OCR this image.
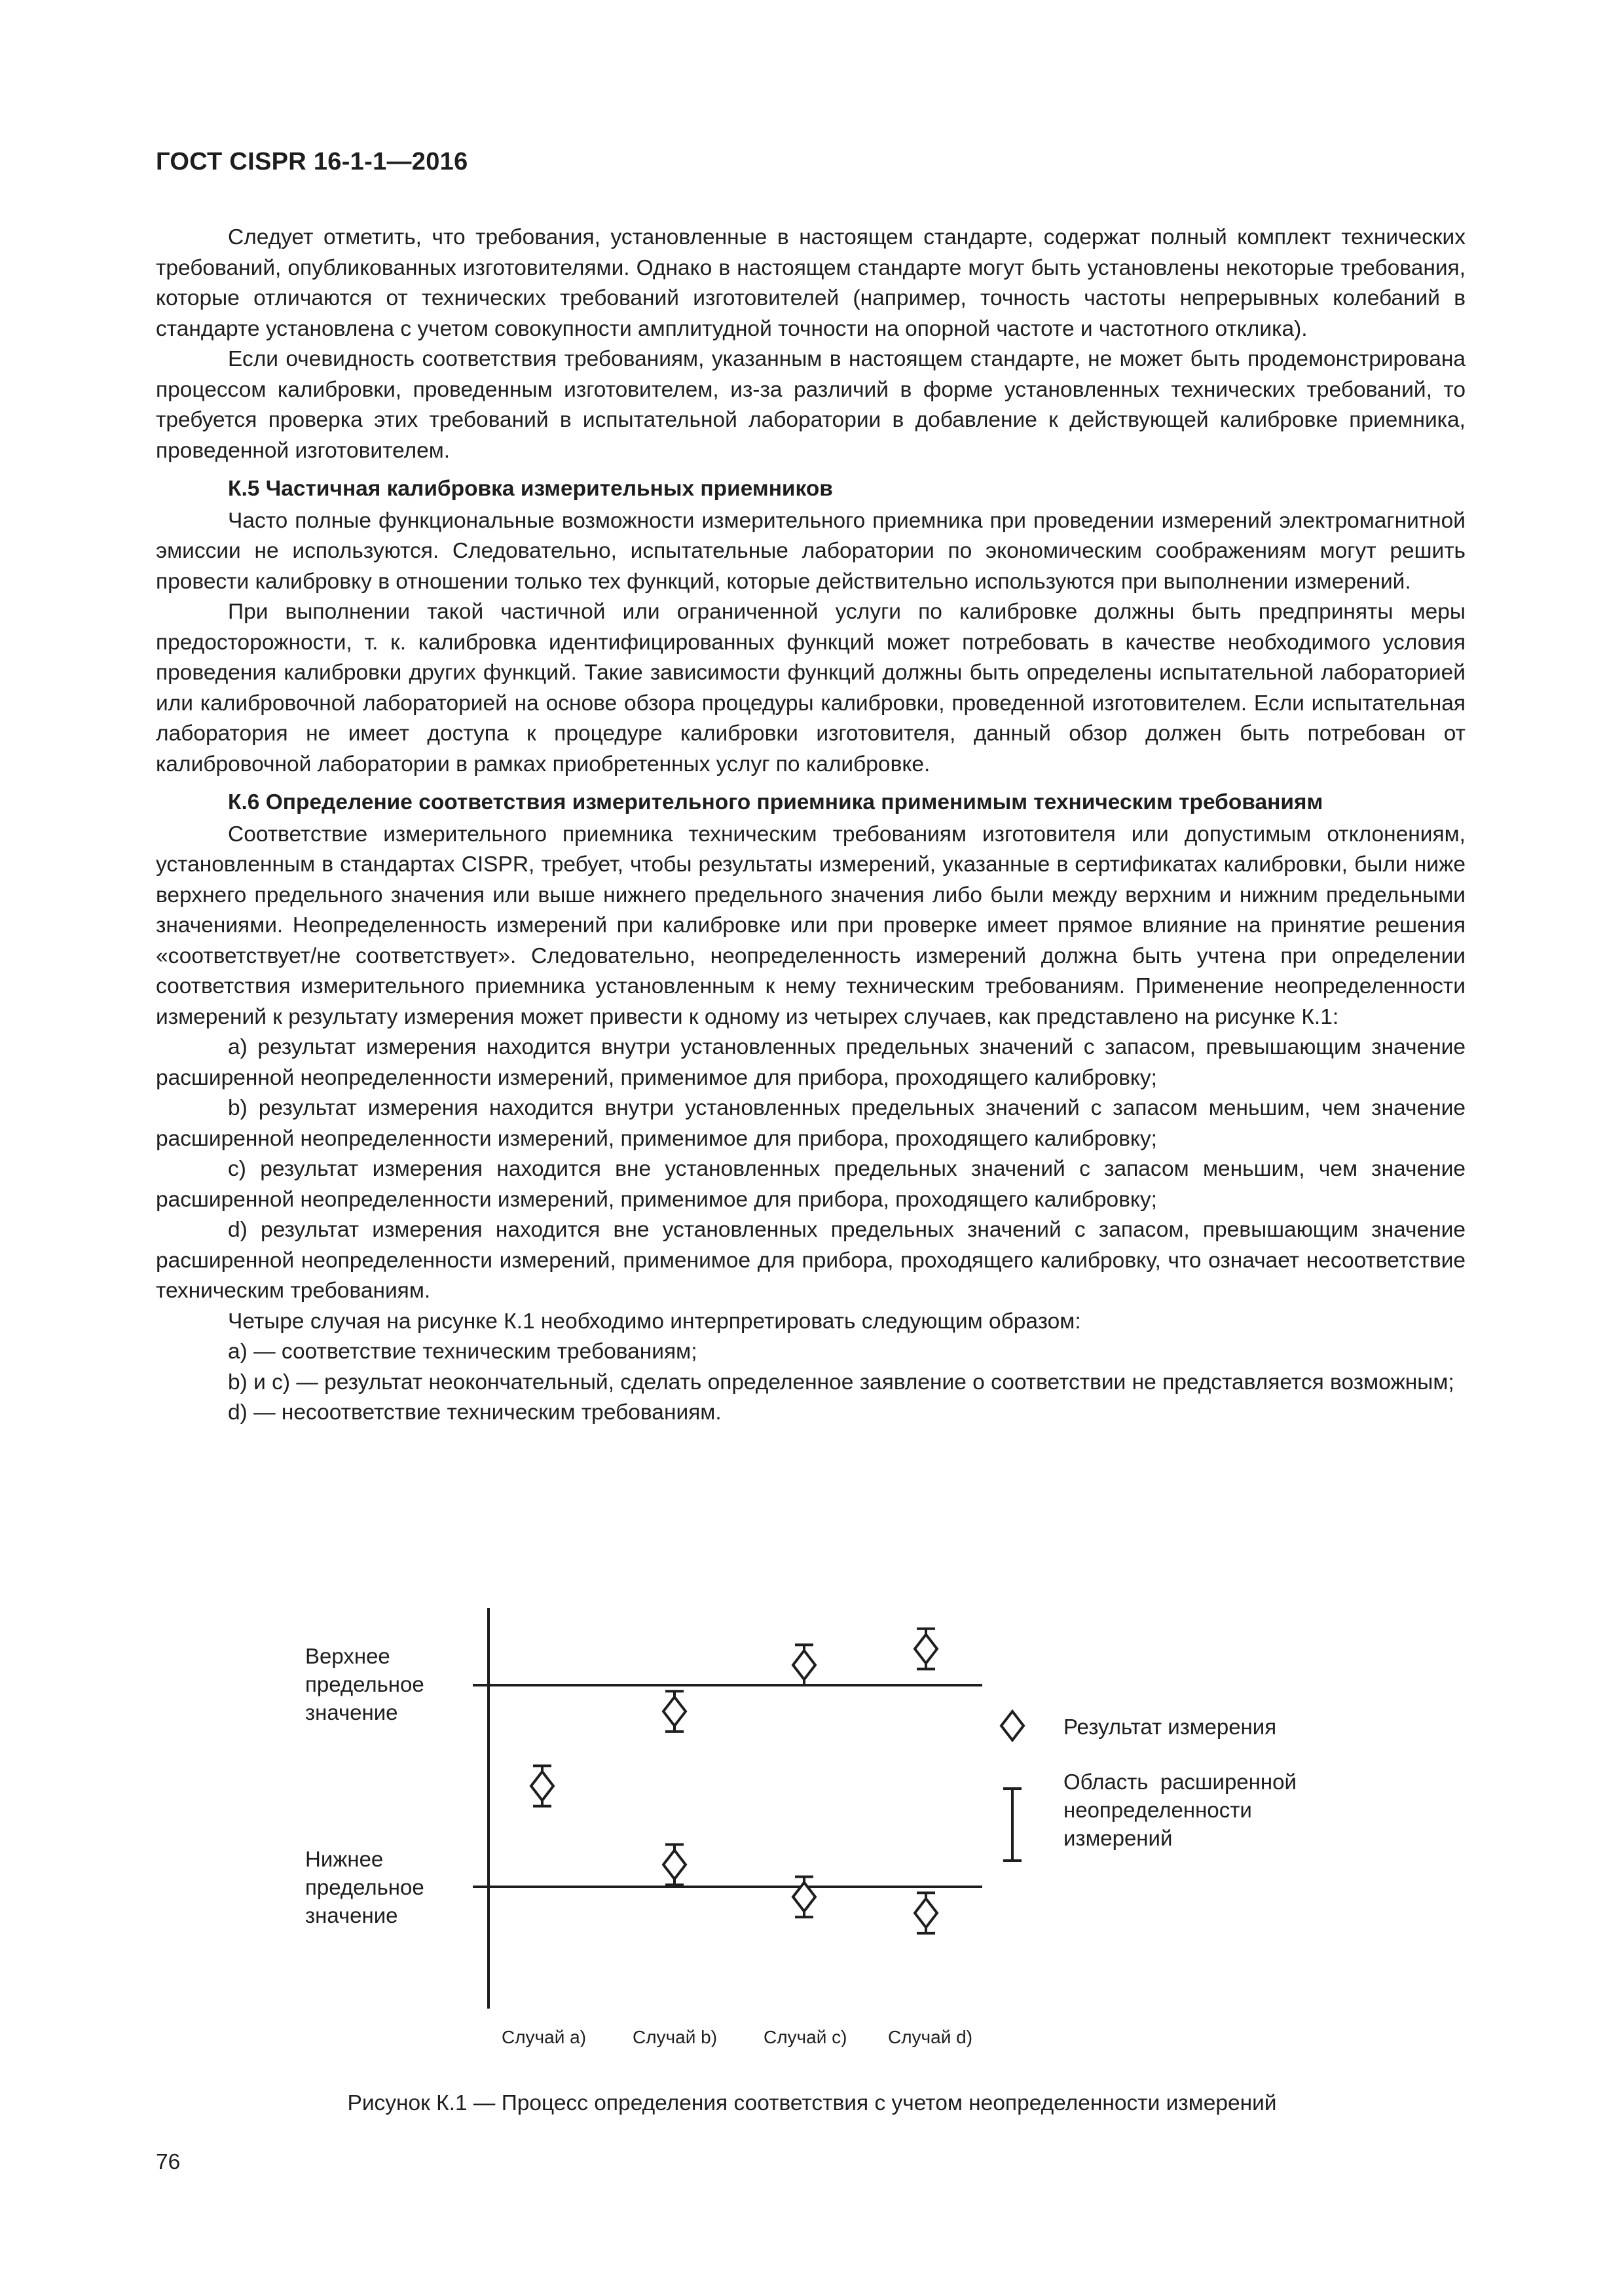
ГОСТ CISPR 16-1-1—2016

Следует отметить, что требования, установленные в настоящем стандарте, содержат полный комплект технических требований, опубликованных изготовителями. Однако в настоящем стандарте могут быть установлены некоторые требования, которые отличаются от технических требований изготовителей (например, точность частоты непрерывных колебаний в стандарте установлена с учетом совокупности амплитудной точности на опорной частоте и частотного отклика).

Если очевидность соответствия требованиям, указанным в настоящем стандарте, не может быть продемонстрирована процессом калибровки, проведенным изготовителем, из-за различий в форме установленных технических требований, то требуется проверка этих требований в испытательной лаборатории в добавление к действующей калибровке приемника, проведенной изготовителем.

К.5 Частичная калибровка измерительных приемников

Часто полные функциональные возможности измерительного приемника при проведении измерений электромагнитной эмиссии не используются. Следовательно, испытательные лаборатории по экономическим соображениям могут решить провести калибровку в отношении только тех функций, которые действительно используются при выполнении измерений.

При выполнении такой частичной или ограниченной услуги по калибровке должны быть предприняты меры предосторожности, т. к. калибровка идентифицированных функций может потребовать в качестве необходимого условия проведения калибровки других функций. Такие зависимости функций должны быть определены испытательной лабораторией или калибровочной лабораторией на основе обзора процедуры калибровки, проведенной изготовителем. Если испытательная лаборатория не имеет доступа к процедуре калибровки изготовителя, данный обзор должен быть потребован от калибровочной лаборатории в рамках приобретенных услуг по калибровке.

К.6 Определение соответствия измерительного приемника применимым техническим требованиям

Соответствие измерительного приемника техническим требованиям изготовителя или допустимым отклонениям, установленным в стандартах CISPR, требует, чтобы результаты измерений, указанные в сертификатах калибровки, были ниже верхнего предельного значения или выше нижнего предельного значения либо были между верхним и нижним предельными значениями. Неопределенность измерений при калибровке или при проверке имеет прямое влияние на принятие решения «соответствует/не соответствует». Следовательно, неопределенность измерений должна быть учтена при определении соответствия измерительного приемника установленным к нему техническим требованиям. Применение неопределенности измерений к результату измерения может привести к одному из четырех случаев, как представлено на рисунке К.1:

a) результат измерения находится внутри установленных предельных значений с запасом, превышающим значение расширенной неопределенности измерений, применимое для прибора, проходящего калибровку;

b) результат измерения находится внутри установленных предельных значений с запасом меньшим, чем значение расширенной неопределенности измерений, применимое для прибора, проходящего калибровку;

c) результат измерения находится вне установленных предельных значений с запасом меньшим, чем значение расширенной неопределенности измерений, применимое для прибора, проходящего калибровку;

d) результат измерения находится вне установленных предельных значений с запасом, превышающим значение расширенной неопределенности измерений, применимое для прибора, проходящего калибровку, что означает несоответствие техническим требованиям.

Четыре случая на рисунке К.1 необходимо интерпретировать следующим образом:

a) — соответствие техническим требованиям;

b) и c) — результат неокончательный, сделать определенное заявление о соответствии не представляется возможным;

d) — несоответствие техническим требованиям.

Верхнее
предельное
значение
Нижнее
предельное
значение
Результат измерения
Область  расширенной
неопределенности
измерений
Случай a)	Случай b)	Случай c) Случай d)
Рисунок К.1 — Процесс определения соответствия с учетом неопределенности измерений
76
